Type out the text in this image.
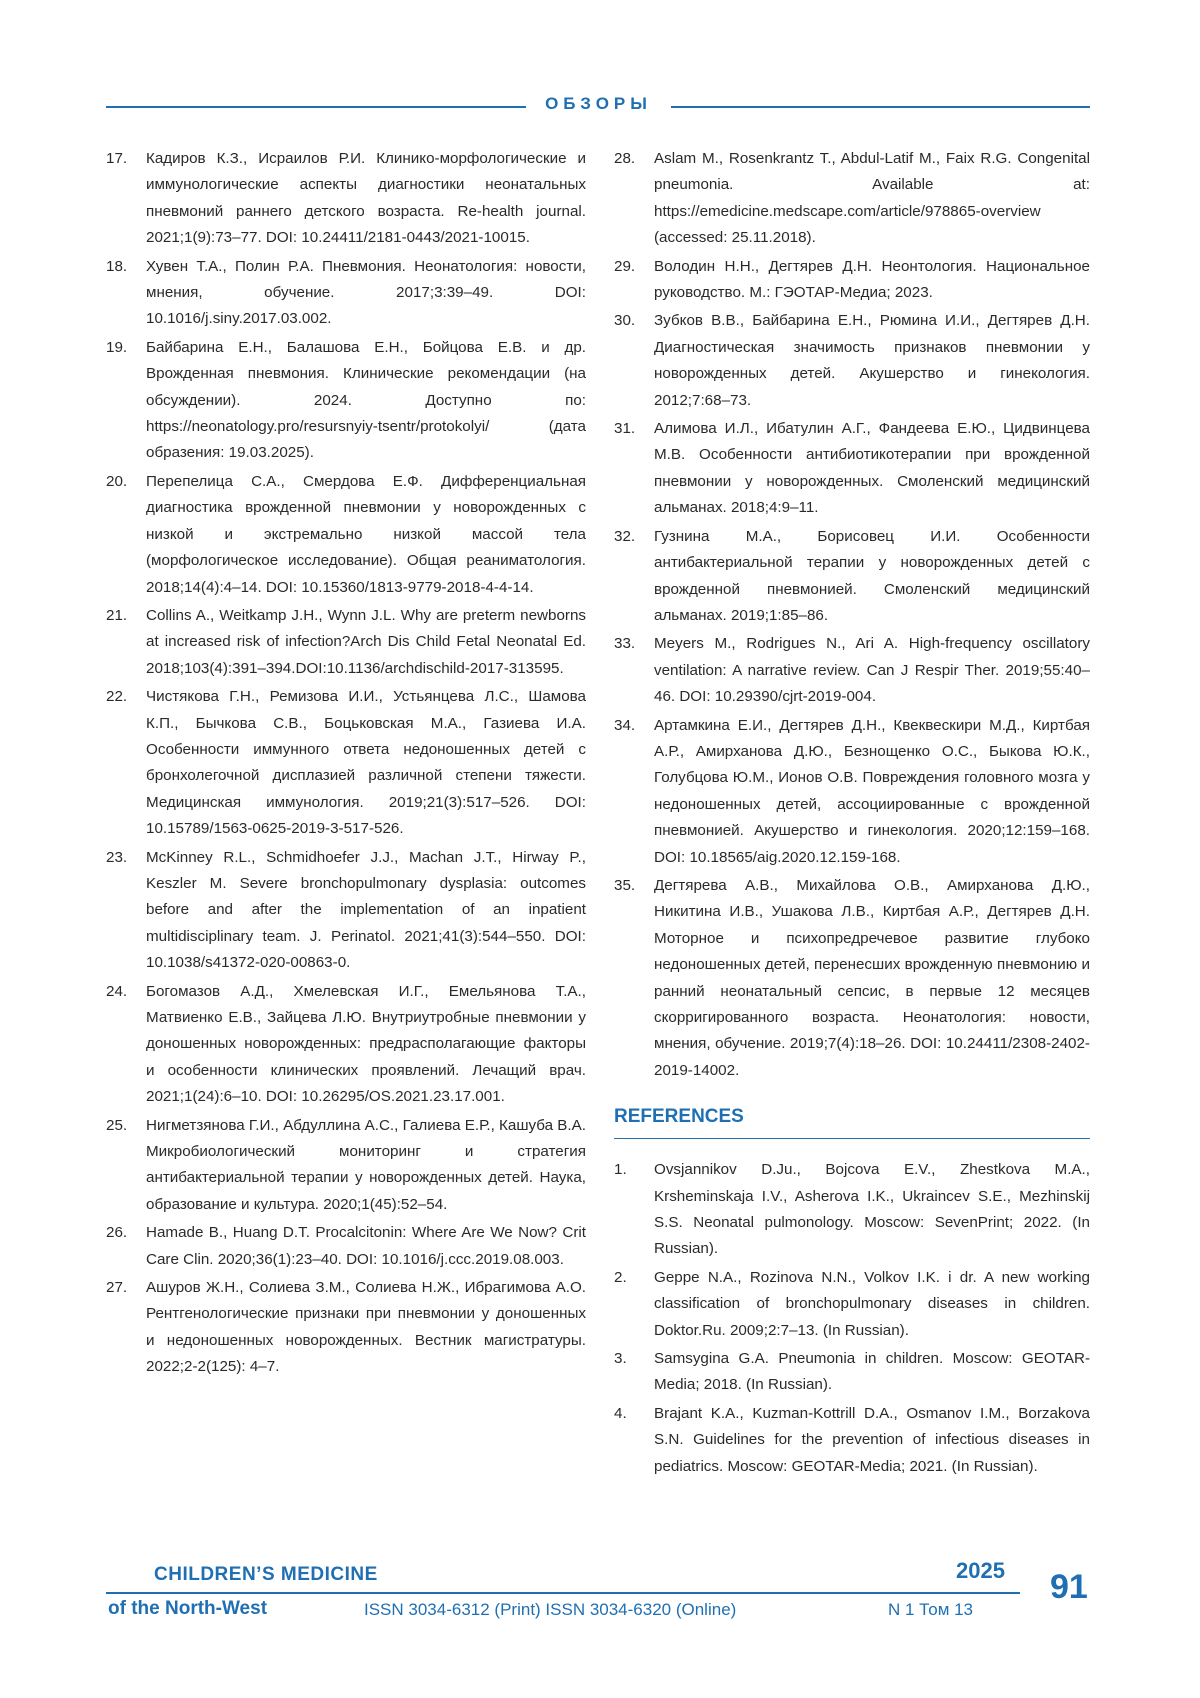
ОБЗОРЫ
17. Кадиров К.З., Исраилов Р.И. Клинико-морфологические и иммунологические аспекты диагностики неонатальных пневмоний раннего детского возраста. Re-health journal. 2021;1(9):73–77. DOI: 10.24411/2181-0443/2021-10015.
18. Хувен Т.А., Полин Р.А. Пневмония. Неонатология: новости, мнения, обучение. 2017;3:39–49. DOI: 10.1016/j.siny.2017.03.002.
19. Байбарина Е.Н., Балашова Е.Н., Бойцова Е.В. и др. Врожденная пневмония. Клинические рекомендации (на обсуждении). 2024. Доступно по: https://neonatology.pro/resursnyiy-tsentr/protokolyi/ (дата образения: 19.03.2025).
20. Перепелица С.А., Смердова Е.Ф. Дифференциальная диагностика врожденной пневмонии у новорожденных с низкой и экстремально низкой массой тела (морфологическое исследование). Общая реаниматология. 2018;14(4):4–14. DOI: 10.15360/1813-9779-2018-4-4-14.
21. Collins A., Weitkamp J.H., Wynn J.L. Why are preterm newborns at increased risk of infection?Arch Dis Child Fetal Neonatal Ed. 2018;103(4):391–394.DOI:10.1136/archdischild-2017-313595.
22. Чистякова Г.Н., Ремизова И.И., Устьянцева Л.С., Шамова К.П., Бычкова С.В., Боцьковская М.А., Газиева И.А. Особенности иммунного ответа недоношенных детей с бронхолегочной дисплазией различной степени тяжести. Медицинская иммунология. 2019;21(3):517–526. DOI: 10.15789/1563-0625-2019-3-517-526.
23. McKinney R.L., Schmidhoefer J.J., Machan J.T., Hirway P., Keszler M. Severe bronchopulmonary dysplasia: outcomes before and after the implementation of an inpatient multidisciplinary team. J. Perinatol. 2021;41(3):544–550. DOI: 10.1038/s41372-020-00863-0.
24. Богомазов А.Д., Хмелевская И.Г., Емельянова Т.А., Матвиенко Е.В., Зайцева Л.Ю. Внутриутробные пневмонии у доношенных новорожденных: предрасполагающие факторы и особенности клинических проявлений. Лечащий врач. 2021;1(24):6–10. DOI: 10.26295/OS.2021.23.17.001.
25. Нигметзянова Г.И., Абдуллина А.С., Галиева Е.Р., Кашуба В.А. Микробиологический мониторинг и стратегия антибактериальной терапии у новорожденных детей. Наука, образование и культура. 2020;1(45):52–54.
26. Hamade B., Huang D.T. Procalcitonin: Where Are We Now? Crit Care Clin. 2020;36(1):23–40. DOI: 10.1016/j.ccc.2019.08.003.
27. Ашуров Ж.Н., Солиева З.М., Солиева Н.Ж., Ибрагимова А.О. Рентгенологические признаки при пневмонии у доношенных и недоношенных новорожденных. Вестник магистратуры. 2022;2-2(125): 4–7.
28. Aslam M., Rosenkrantz T., Abdul-Latif M., Faix R.G. Congenital pneumonia. Available at: https://emedicine.medscape.com/article/978865-overview (accessed: 25.11.2018).
29. Володин Н.Н., Дегтярев Д.Н. Неонтология. Национальное руководство. М.: ГЭОТАР-Медиа; 2023.
30. Зубков В.В., Байбарина Е.Н., Рюмина И.И., Дегтярев Д.Н. Диагностическая значимость признаков пневмонии у новорожденных детей. Акушерство и гинекология. 2012;7:68–73.
31. Алимова И.Л., Ибатулин А.Г., Фандеева Е.Ю., Цидвинцева М.В. Особенности антибиотикотерапии при врожденной пневмонии у новорожденных. Смоленский медицинский альманах. 2018;4:9–11.
32. Гузнина М.А., Борисовец И.И. Особенности антибактериальной терапии у новорожденных детей с врожденной пневмонией. Смоленский медицинский альманах. 2019;1:85–86.
33. Meyers M., Rodrigues N., Ari A. High-frequency oscillatory ventilation: A narrative review. Can J Respir Ther. 2019;55:40–46. DOI: 10.29390/cjrt-2019-004.
34. Артамкина Е.И., Дегтярев Д.Н., Квеквескири М.Д., Киртбая А.Р., Амирханова Д.Ю., Безнощенко О.С., Быкова Ю.К., Голубцова Ю.М., Ионов О.В. Повреждения головного мозга у недоношенных детей, ассоциированные с врожденной пневмонией. Акушерство и гинекология. 2020;12:159–168. DOI: 10.18565/aig.2020.12.159-168.
35. Дегтярева А.В., Михайлова О.В., Амирханова Д.Ю., Никитина И.В., Ушакова Л.В., Киртбая А.Р., Дегтярев Д.Н. Моторное и психопредречевое развитие глубоко недоношенных детей, перенесших врожденную пневмонию и ранний неонатальный сепсис, в первые 12 месяцев скорригированного возраста. Неонатология: новости, мнения, обучение. 2019;7(4):18–26. DOI: 10.24411/2308-2402-2019-14002.
REFERENCES
1. Ovsjannikov D.Ju., Bojcova E.V., Zhestkova M.A., Krsheminskaja I.V., Asherova I.K., Ukraincev S.E., Mezhinskij S.S. Neonatal pulmonology. Moscow: SevenPrint; 2022. (In Russian).
2. Geppe N.A., Rozinova N.N., Volkov I.K. i dr. A new working classification of bronchopulmonary diseases in children. Doktor.Ru. 2009;2:7–13. (In Russian).
3. Samsygina G.A. Pneumonia in children. Moscow: GEOTAR-Media; 2018. (In Russian).
4. Brajant K.A., Kuzman-Kottrill D.A., Osmanov I.M., Borzakova S.N. Guidelines for the prevention of infectious diseases in pediatrics. Moscow: GEOTAR-Media; 2021. (In Russian).
CHILDREN’S MEDICINE	2025
of the North-West	ISSN 3034-6312 (Print) ISSN 3034-6320 (Online)	N 1 Том 13
91
